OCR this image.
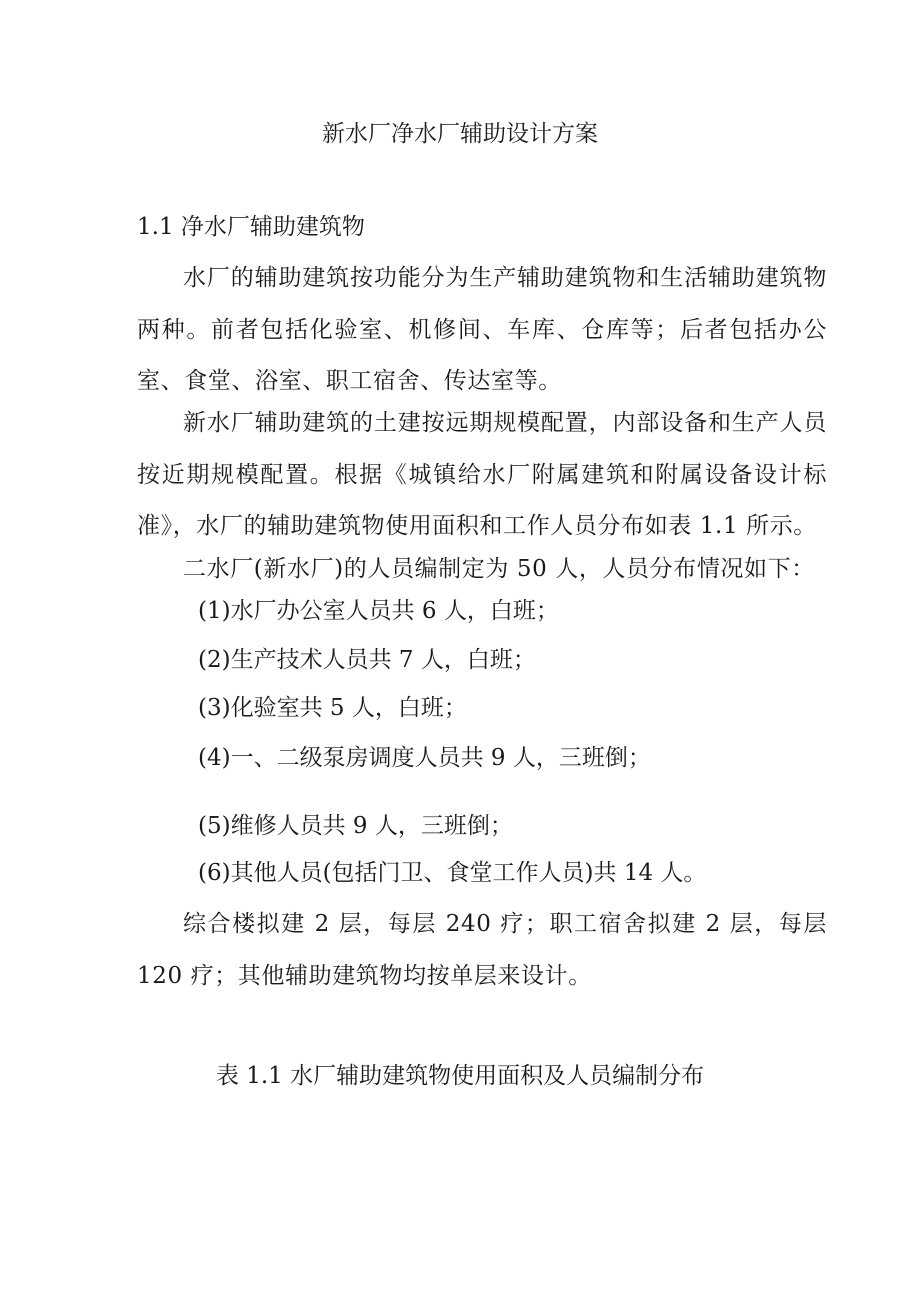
新水厂净水厂辅助设计方案
1.1 净水厂辅助建筑物

水厂的辅助建筑按功能分为生产辅助建筑物和生活辅助建筑物两种。前者包括化验室、机修间、车库、仓库等；后者包括办公室、食堂、浴室、职工宿舍、传达室等。

新水厂辅助建筑的土建按远期规模配置，内部设备和生产人员按近期规模配置。根据《城镇给水厂附属建筑和附属设备设计标准》，水厂的辅助建筑物使用面积和工作人员分布如表 1.1 所示。

二水厂(新水厂)的人员编制定为 50 人，人员分布情况如下：

(1)水厂办公室人员共 6 人，白班；

(2)生产技术人员共 7 人，白班；

(3)化验室共 5 人，白班；

(4)一、二级泵房调度人员共 9 人，三班倒；

(5)维修人员共 9 人，三班倒；

(6)其他人员(包括门卫、食堂工作人员)共 14 人。

综合楼拟建 2 层，每层 240 疗；职工宿舍拟建 2 层，每层 120 疗；其他辅助建筑物均按单层来设计。

表 1.1 水厂辅助建筑物使用面积及人员编制分布
